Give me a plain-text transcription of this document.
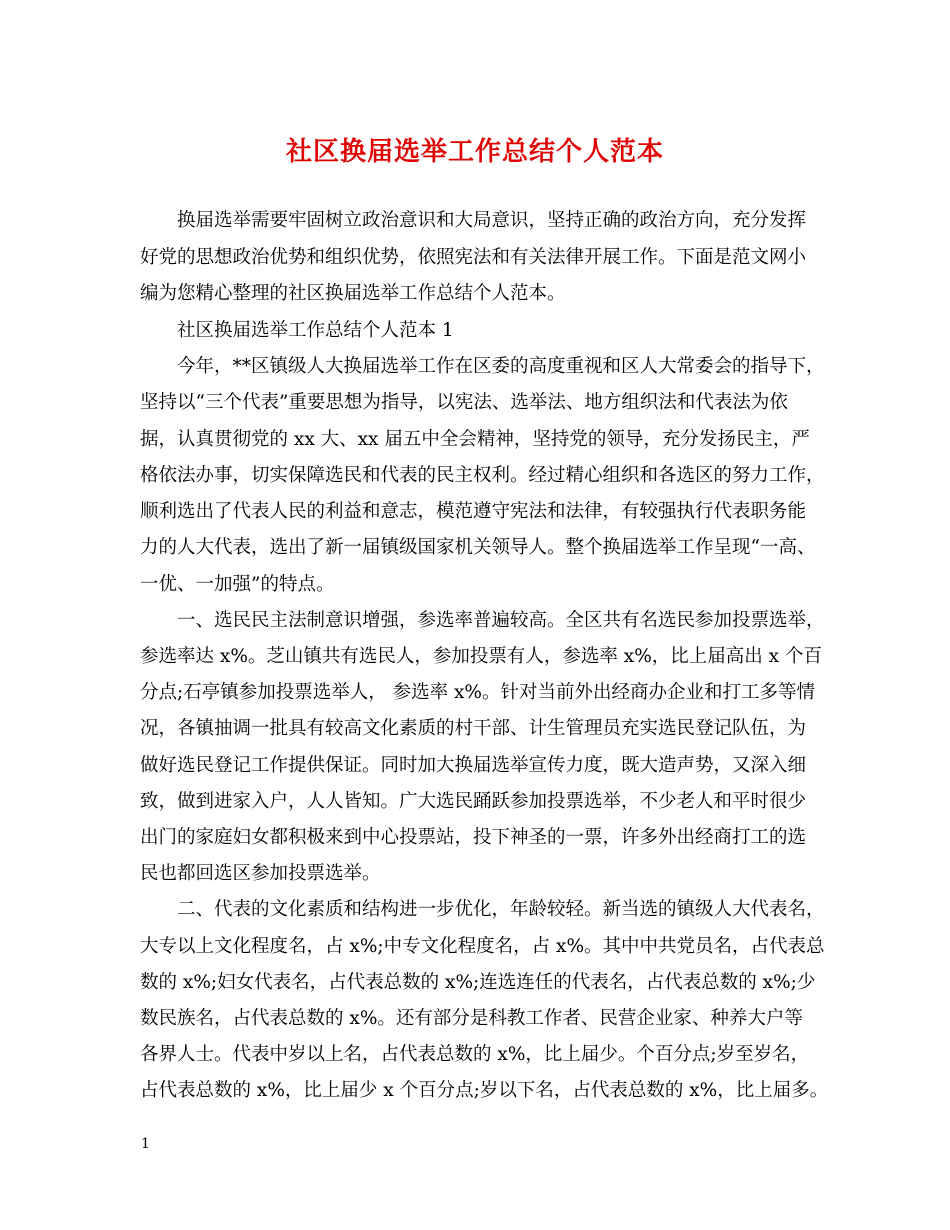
社区换届选举工作总结个人范本
换届选举需要牢固树立政治意识和大局意识，坚持正确的政治方向，充分发挥
好党的思想政治优势和组织优势，依照宪法和有关法律开展工作。下面是范文网小
编为您精心整理的社区换届选举工作总结个人范本。
社区换届选举工作总结个人范本 1
今年，**区镇级人大换届选举工作在区委的高度重视和区人大常委会的指导下，
坚持以“三个代表”重要思想为指导，以宪法、选举法、地方组织法和代表法为依
据，认真贯彻党的 xx 大、xx 届五中全会精神，坚持党的领导，充分发扬民主，严
格依法办事，切实保障选民和代表的民主权利。经过精心组织和各选区的努力工作，
顺利选出了代表人民的利益和意志，模范遵守宪法和法律，有较强执行代表职务能
力的人大代表，选出了新一届镇级国家机关领导人。整个换届选举工作呈现“一高、
一优、一加强”的特点。
一、选民民主法制意识增强，参选率普遍较高。全区共有名选民参加投票选举，
参选率达 x%。芝山镇共有选民人，参加投票有人，参选率 x%，比上届高出 x 个百
分点;石亭镇参加投票选举人， 参选率 x%。针对当前外出经商办企业和打工多等情
况，各镇抽调一批具有较高文化素质的村干部、计生管理员充实选民登记队伍，为
做好选民登记工作提供保证。同时加大换届选举宣传力度，既大造声势，又深入细
致，做到进家入户，人人皆知。广大选民踊跃参加投票选举，不少老人和平时很少
出门的家庭妇女都积极来到中心投票站，投下神圣的一票，许多外出经商打工的选
民也都回选区参加投票选举。
二、代表的文化素质和结构进一步优化，年龄较轻。新当选的镇级人大代表名，
大专以上文化程度名，占 x%;中专文化程度名，占 x%。其中中共党员名，占代表总
数的 x%;妇女代表名，占代表总数的 x%;连选连任的代表名，占代表总数的 x%;少
数民族名，占代表总数的 x%。还有部分是科教工作者、民营企业家、种养大户等
各界人士。代表中岁以上名，占代表总数的 x%，比上届少。个百分点;岁至岁名，
占代表总数的 x%，比上届少 x 个百分点;岁以下名，占代表总数的 x%，比上届多。
1
